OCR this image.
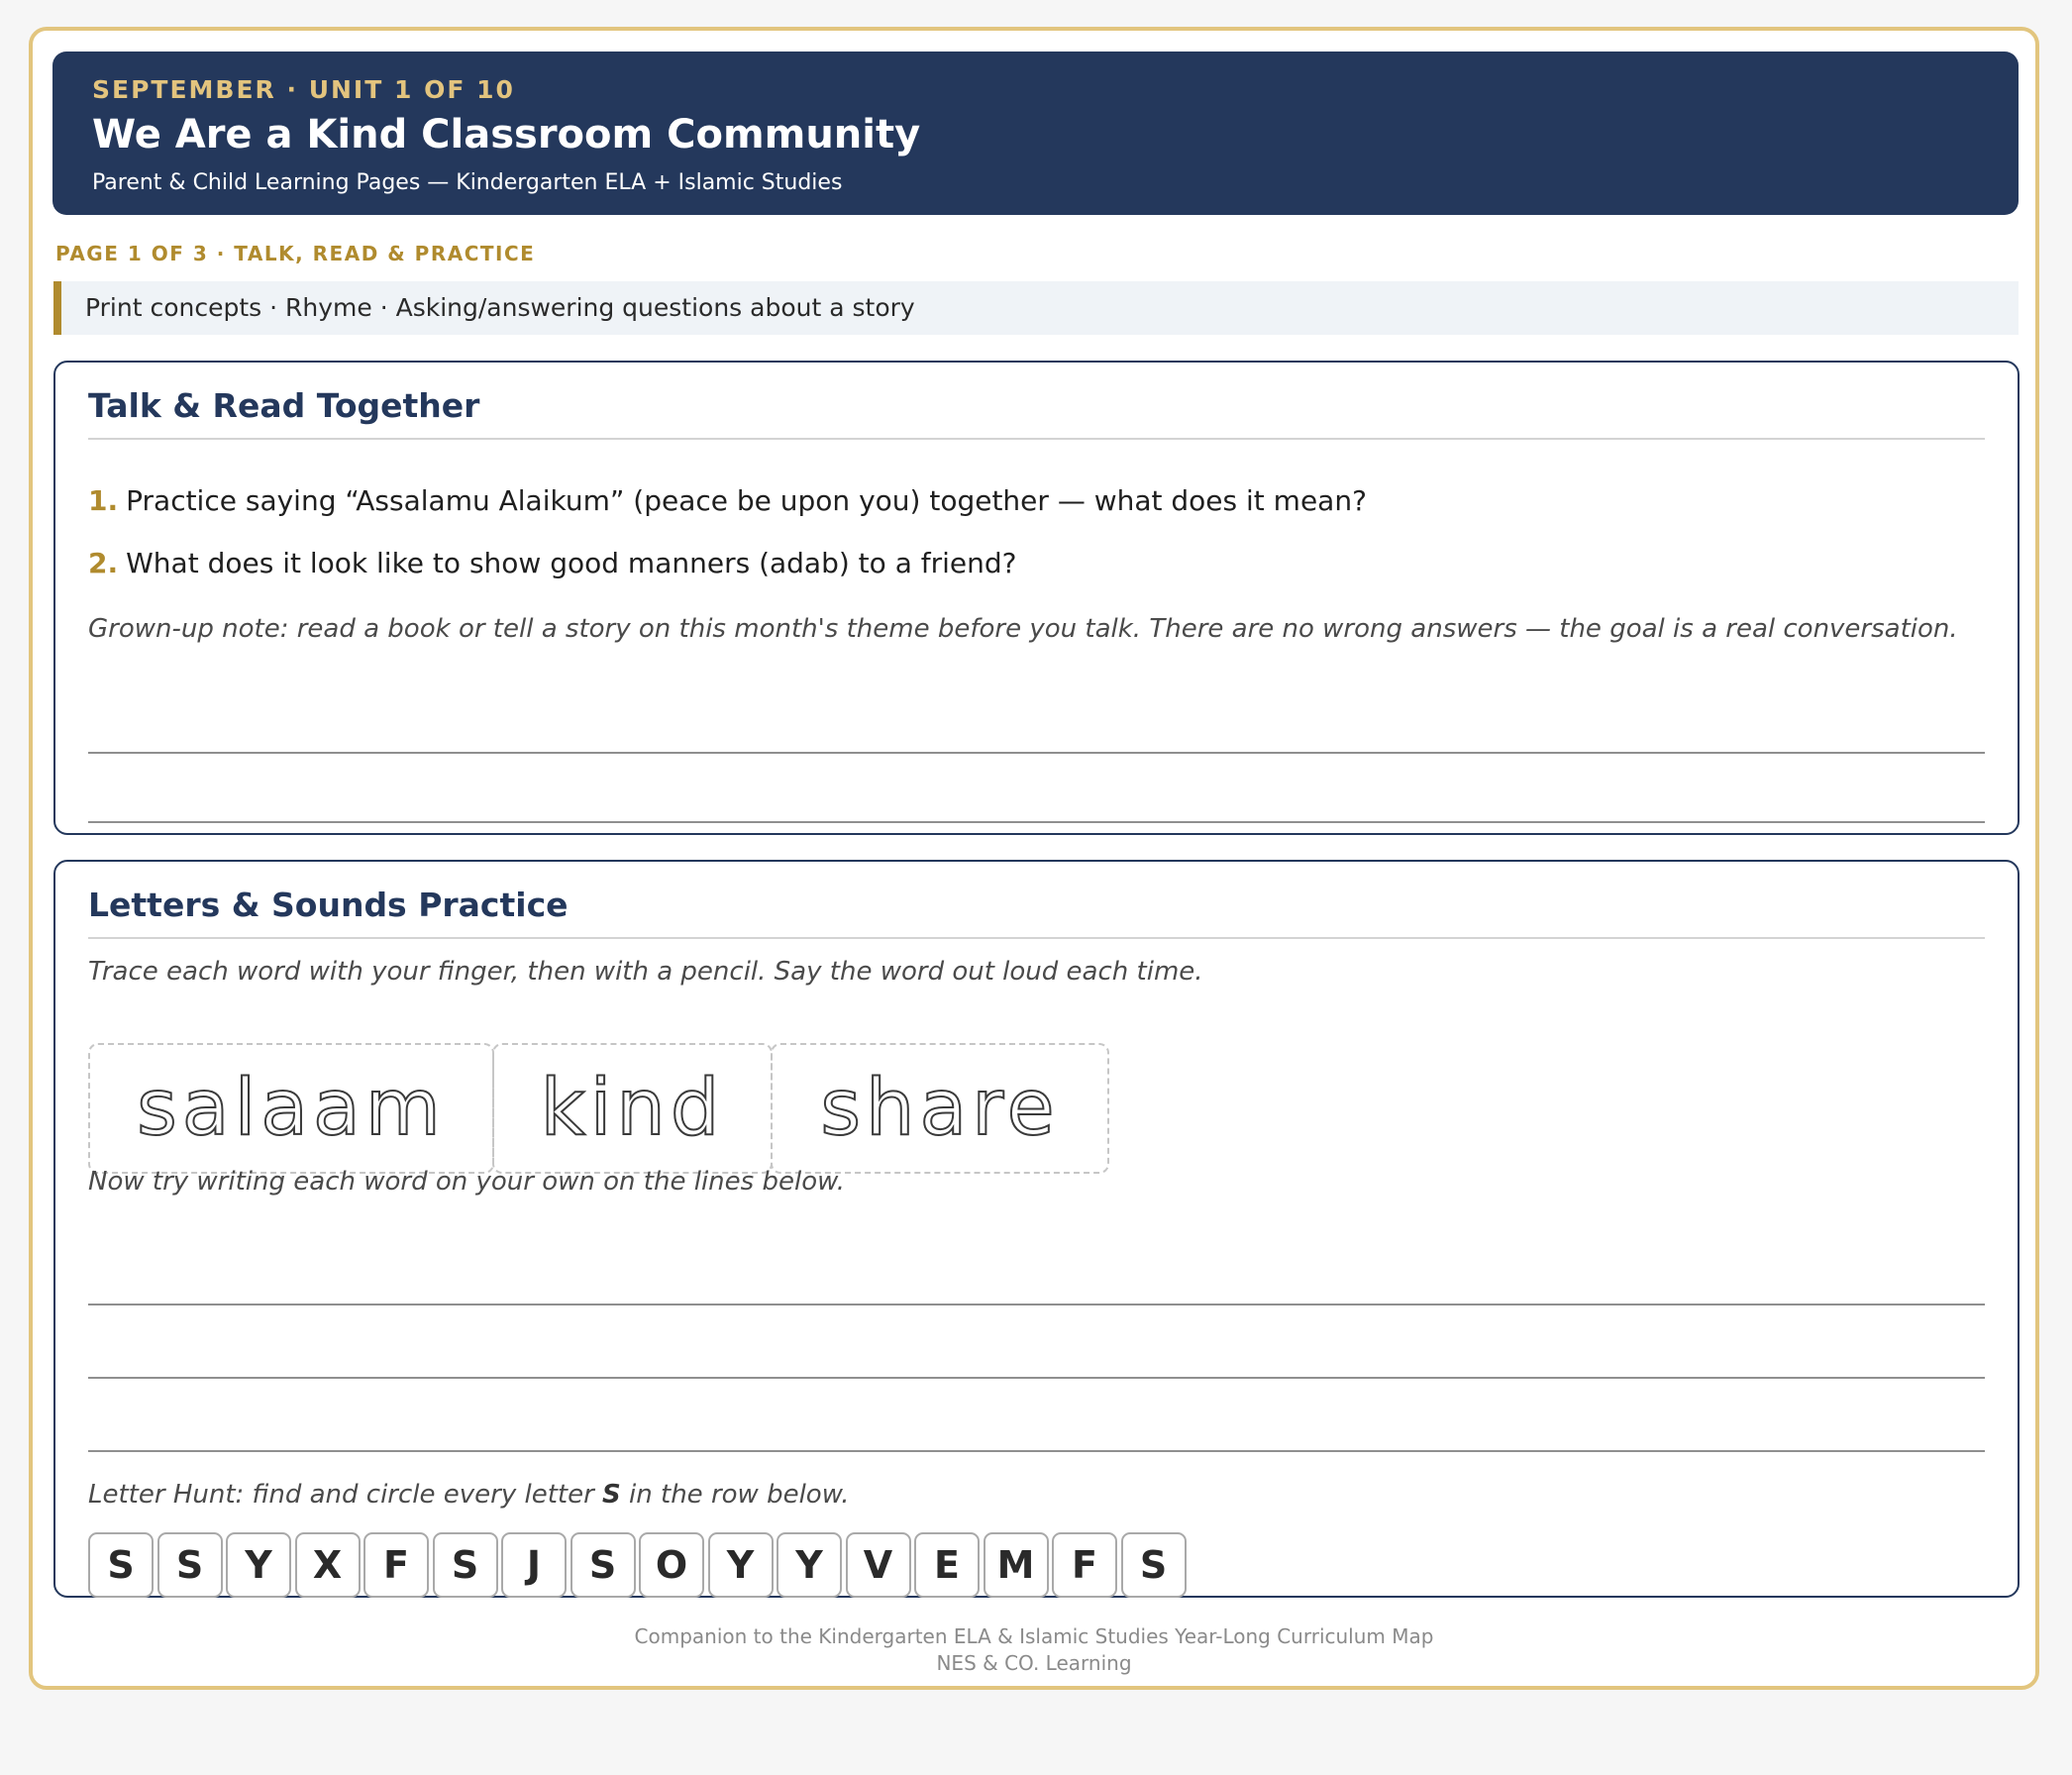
SEPTEMBER · UNIT 1 OF 10

We Are a Kind Classroom Community

Parent & Child Learning Pages — Kindergarten ELA + Islamic Studies

PAGE 1 OF 3 · TALK, READ & PRACTICE
Print concepts · Rhyme · Asking/answering questions about a story
Talk & Read Together
1. Practice saying “Assalamu Alaikum” (peace be upon you) together — what does it mean?
2. What does it look like to show good manners (adab) to a friend?
Grown-up note: read a book or tell a story on this month's theme before you talk. There are no wrong answers — the goal is a real conversation.
Letters & Sounds Practice
Trace each word with your finger, then with a pencil. Say the word out loud each time.
salaam kind share
Now try writing each word on your own on the lines below.
Letter Hunt: find and circle every letter S in the row below.
S	S	Y	X	F	S	J	S	O	Y	Y	V	E M F	S
Companion to the Kindergarten ELA & Islamic Studies Year-Long Curriculum Map
NES & CO. Learning
